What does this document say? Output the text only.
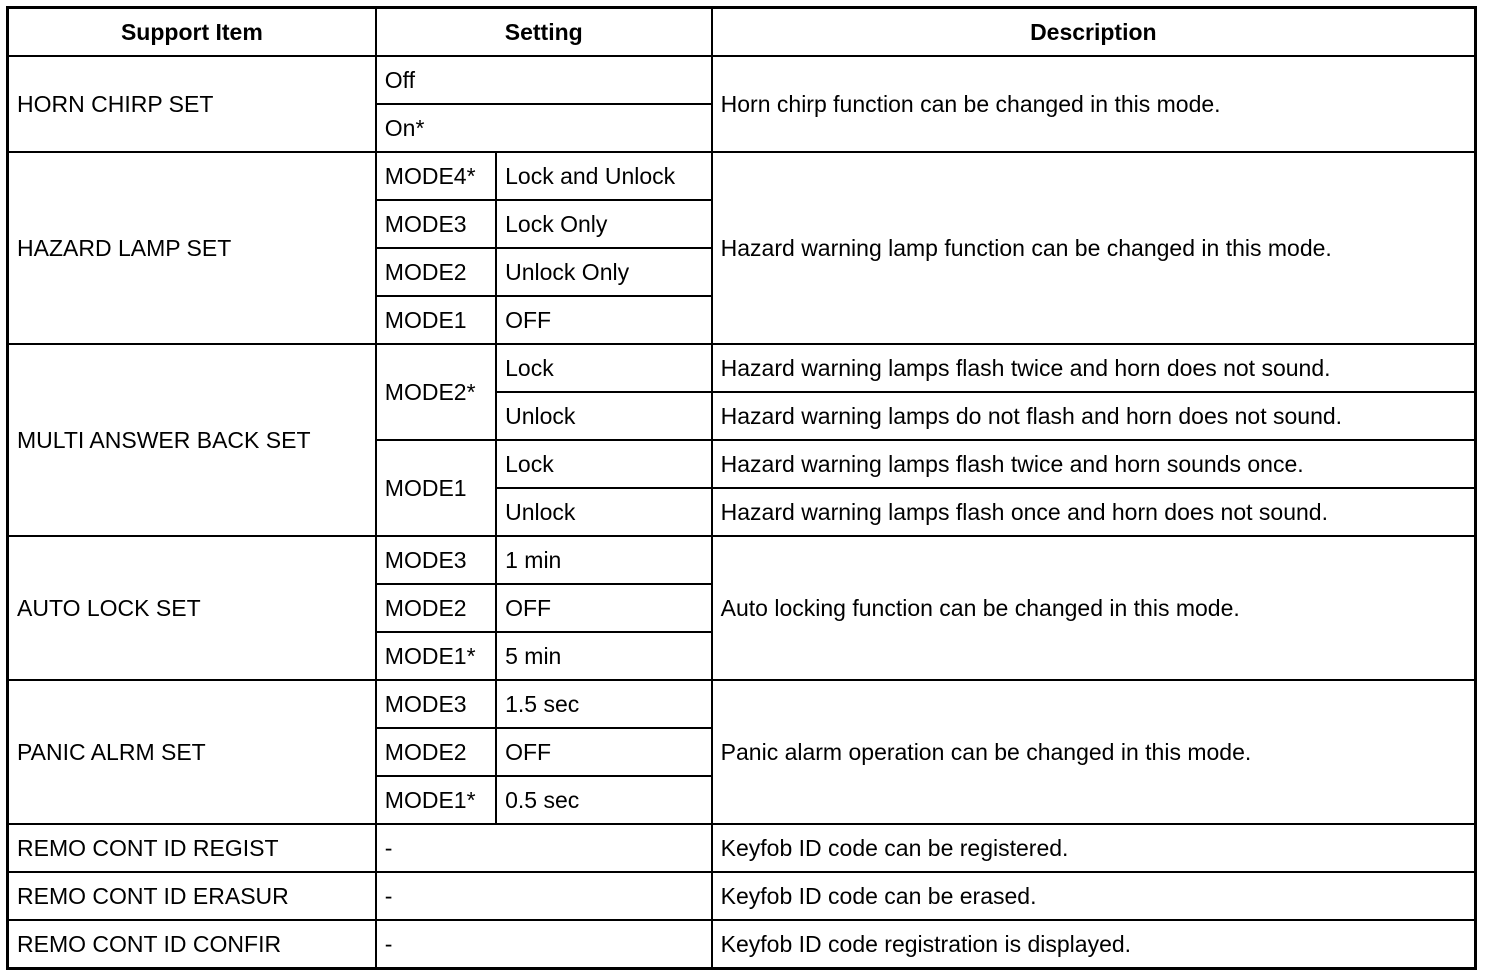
Support Item	Setting		Description
HORN CHIRP SET	Off		Horn chirp function can be changed in this mode.
	On*		
HAZARD LAMP SET	MODE4*	Lock and Unlock	Hazard warning lamp function can be changed in this mode.
	MODE3	Lock Only	
	MODE2	Unlock Only	
	MODE1	OFF	
MULTI ANSWER BACK SET	MODE2*	Lock	Hazard warning lamps flash twice and horn does not sound.
		Unlock	Hazard warning lamps do not flash and horn does not sound.
	MODE1	Lock	Hazard warning lamps flash twice and horn sounds once.
		Unlock	Hazard warning lamps flash once and horn does not sound.
AUTO LOCK SET	MODE3	1 min	Auto locking function can be changed in this mode.
	MODE2	OFF	
	MODE1*	5 min	
PANIC ALRM SET	MODE3	1.5 sec	Panic alarm operation can be changed in this mode.
	MODE2	OFF	
	MODE1*	0.5 sec	
REMO CONT ID REGIST	-		Keyfob ID code can be registered.
REMO CONT ID ERASUR	-		Keyfob ID code can be erased.
REMO CONT ID CONFIR	-		Keyfob ID code registration is displayed.
